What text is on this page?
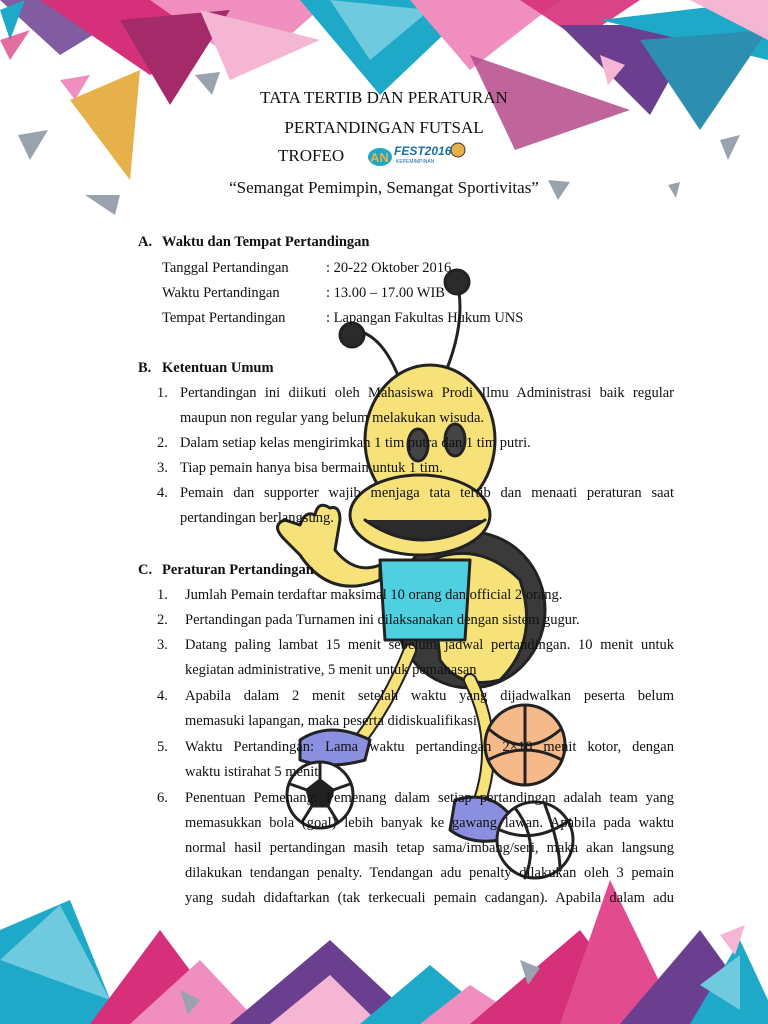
TATA TERTIB DAN PERATURAN
PERTANDINGAN FUTSAL
TROFEO AN FEST2016
KEPEMIMPINAN
“Semangat Pemimpin, Semangat Sportivitas”
A. Waktu dan Tempat Pertandingan
Tanggal Pertandingan	: 20-22 Oktober 2016
Waktu Pertandingan	: 13.00 – 17.00 WIB
Tempat Pertandingan	: Lapangan Fakultas Hukum UNS
B. Ketentuan Umum
1. Pertandingan ini diikuti oleh Mahasiswa Prodi Ilmu Administrasi baik regular
maupun non regular yang belum melakukan wisuda.
2. Dalam setiap kelas mengirimkan 1 tim putra dan 1 tim putri.
3. Tiap pemain hanya bisa bermain untuk 1 tim.
4. Pemain dan supporter wajib menjaga tata tertib dan menaati peraturan saat
pertandingan berlangsung.
C. Peraturan Pertandingan
1. Jumlah Pemain terdaftar maksimal 10 orang dan official 2 orang.
2. Pertandingan pada Turnamen ini dilaksanakan dengan sistem gugur.
3. Datang paling lambat 15 menit sebelum jadwal pertandingan. 10 menit untuk
kegiatan administrative, 5 menit untuk pemanasan
4. Apabila dalam 2 menit setelah waktu yang dijadwalkan peserta belum
memasuki lapangan, maka peserta didiskualifikasi
5. Waktu Pertandingan: Lama waktu pertandingan 2×10 menit kotor, dengan
waktu istirahat 5 menit.
6. Penentuan Pemenang: Pemenang dalam setiap pertandingan adalah team yang
memasukkan bola (goal) lebih banyak ke gawang lawan. Apabila pada waktu
normal hasil pertandingan masih tetap sama/imbang/seri, maka akan langsung
dilakukan tendangan penalty. Tendangan adu penalty dilakukan oleh 3 pemain
yang sudah didaftarkan (tak terkecuali pemain cadangan). Apabila dalam adu
